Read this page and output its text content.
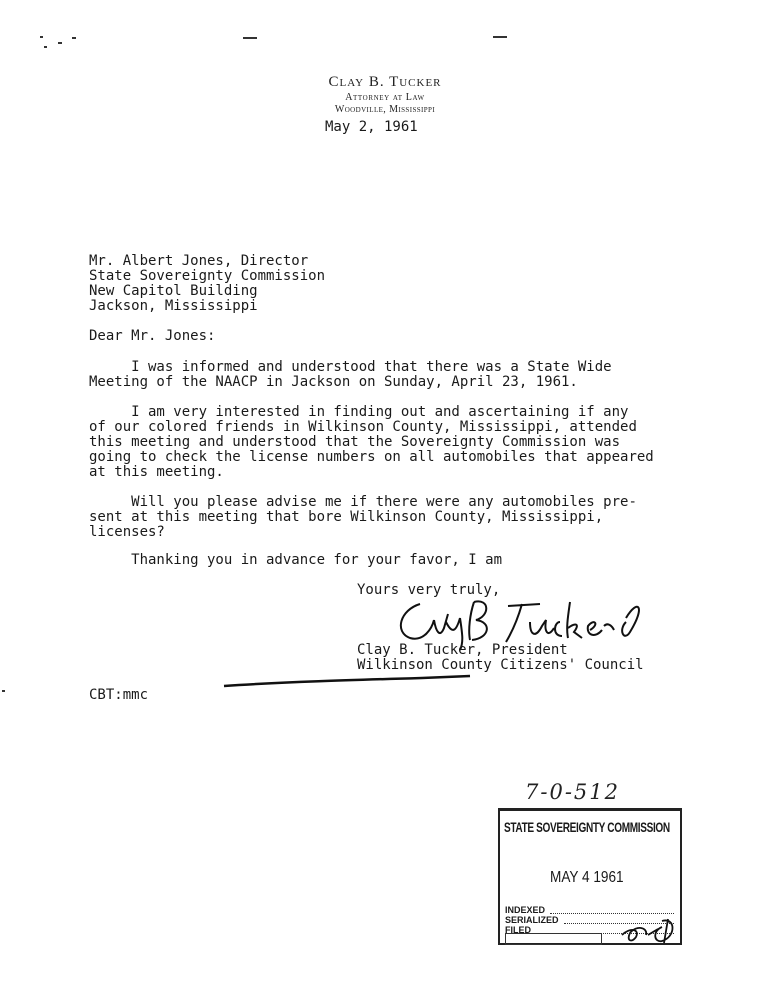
Clay B. Tucker
Attorney at Law
Woodville, Mississippi
May 2, 1961
Mr. Albert Jones, Director
State Sovereignty Commission
New Capitol Building
Jackson, Mississippi
Dear Mr. Jones:
I was informed and understood that there was a State Wide
Meeting of the NAACP in Jackson on Sunday, April 23, 1961.
I am very interested in finding out and ascertaining if any
of our colored friends in Wilkinson County, Mississippi, attended
this meeting and understood that the Sovereignty Commission was
going to check the license numbers on all automobiles that appeared
at this meeting.
Will you please advise me if there were any automobiles pre-
sent at this meeting that bore Wilkinson County, Mississippi,
licenses?
Thanking you in advance for your favor, I am
Yours very truly,
Clay B. Tucker, President
Wilkinson County Citizens' Council
CBT:mmc
7-0-512
STATE SOVEREIGNTY COMMISSION
MAY 4 1961
INDEXED
SERIALIZED
FILED
